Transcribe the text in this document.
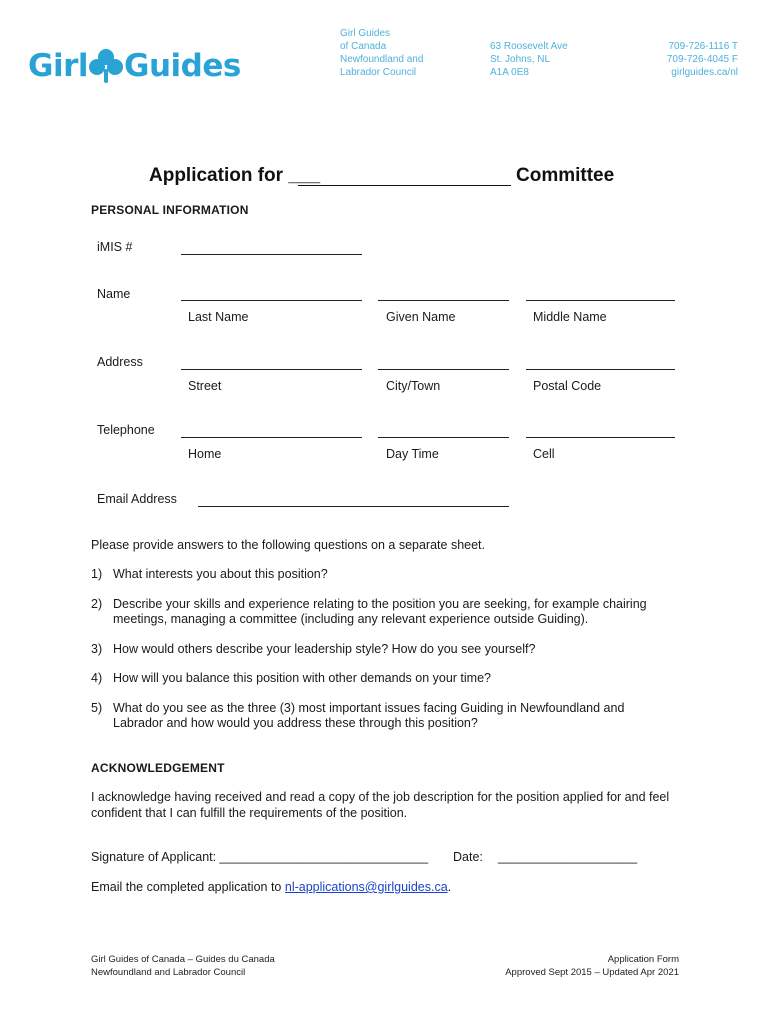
Girl Guides
Girl Guides
of Canada
Newfoundland and
Labrador Council
63 Roosevelt Ave
St. Johns, NL
A1A 0E8
709-726-1116 T
709-726-4045 F
girlguides.ca/nl
Application for ___	Committee
PERSONAL INFORMATION
iMIS #
Name
Last Name	Given Name	Middle Name
Address
Street	City/Town	Postal Code
Telephone
Home	Day Time	Cell
Email Address
Please provide answers to the following questions on a separate sheet.
1) What interests you about this position?
2) Describe your skills and experience relating to the position you are seeking, for example chairing meetings, managing a committee (including any relevant experience outside Guiding).
3) How would others describe your leadership style? How do you see yourself?
4) How will you balance this position with other demands on your time?
5) What do you see as the three (3) most important issues facing Guiding in Newfoundland and Labrador and how would you address these through this position?
ACKNOWLEDGEMENT
I acknowledge having received and read a copy of the job description for the position applied for and feel confident that I can fulfill the requirements of the position.
Signature of Applicant: ______________________________ Date: ____________________
Email the completed application to nl-applications@girlguides.ca.
Girl Guides of Canada – Guides du Canada
Newfoundland and Labrador Council
Application Form
Approved Sept 2015 – Updated Apr 2021
